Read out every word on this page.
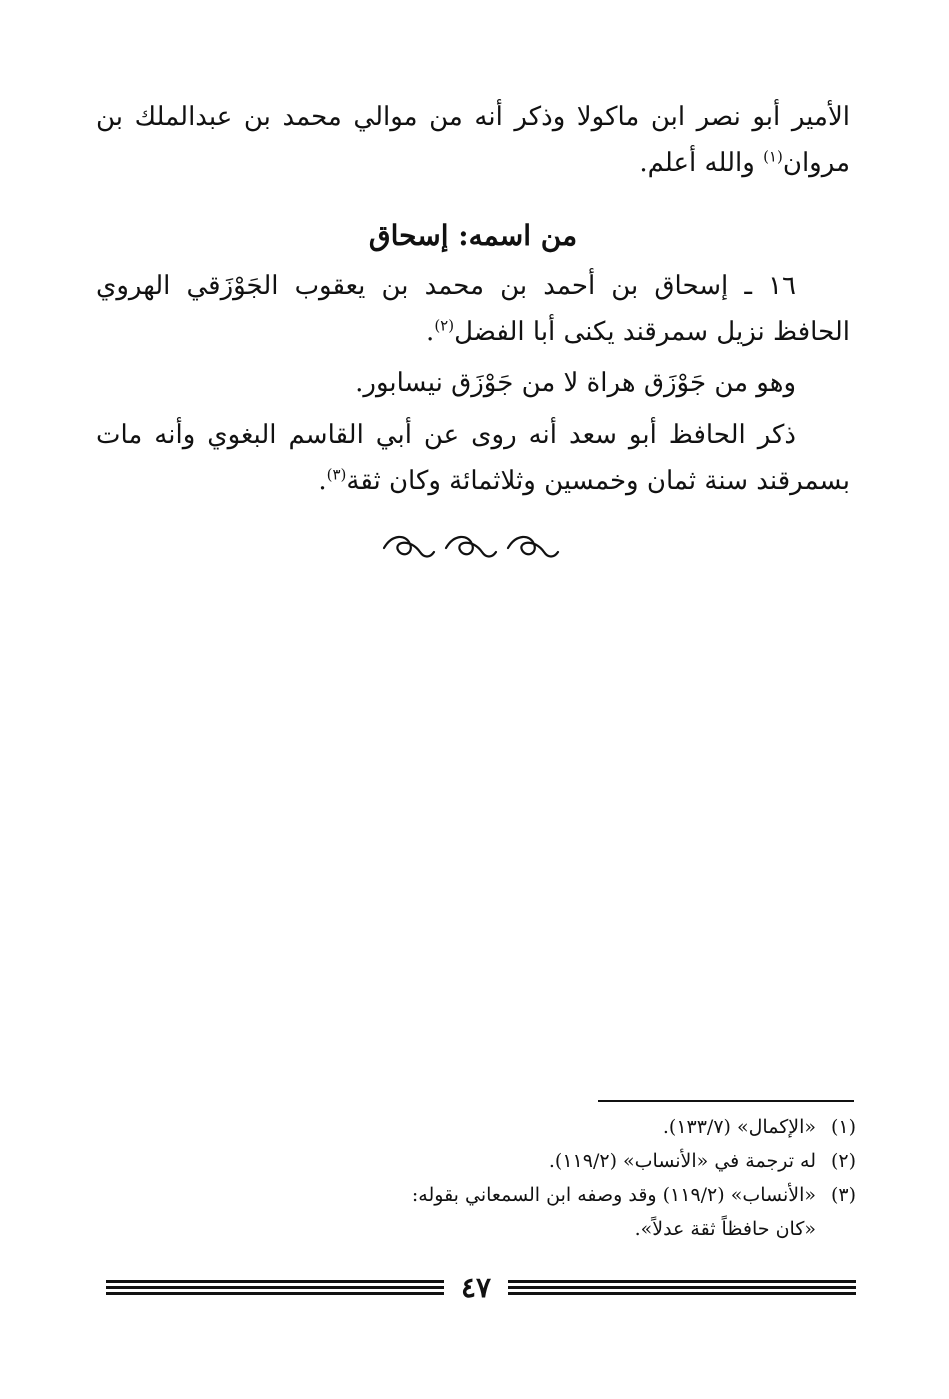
الأمير أبو نصر ابن ماكولا وذكر أنه من موالي محمد بن عبدالملك بن مروان$^{(١)}$ والله أعلم.

من اسمه: إسحاق

١٦ ـ إسحاق بن أحمد بن محمد بن يعقوب الجَوْزَقي الهروي الحافظ نزيل سمرقند يكنى أبا الفضل$^{(٢)}$.

وهو من جَوْزَق هراة لا من جَوْزَق نيسابور.

ذكر الحافظ أبو سعد أنه روى عن أبي القاسم البغوي وأنه مات بسمرقند سنة ثمان وخمسين وثلاثمائة وكان ثقة$^{(٣)}$.

(١)
«الإكمال» (١٣٣/٧).
(٢)
له ترجمة في «الأنساب» (١١٩/٢).
(٣)
«الأنساب» (١١٩/٢) وقد وصفه ابن السمعاني بقوله:
«كان حافظاً ثقة عدلاً».
٤٧
